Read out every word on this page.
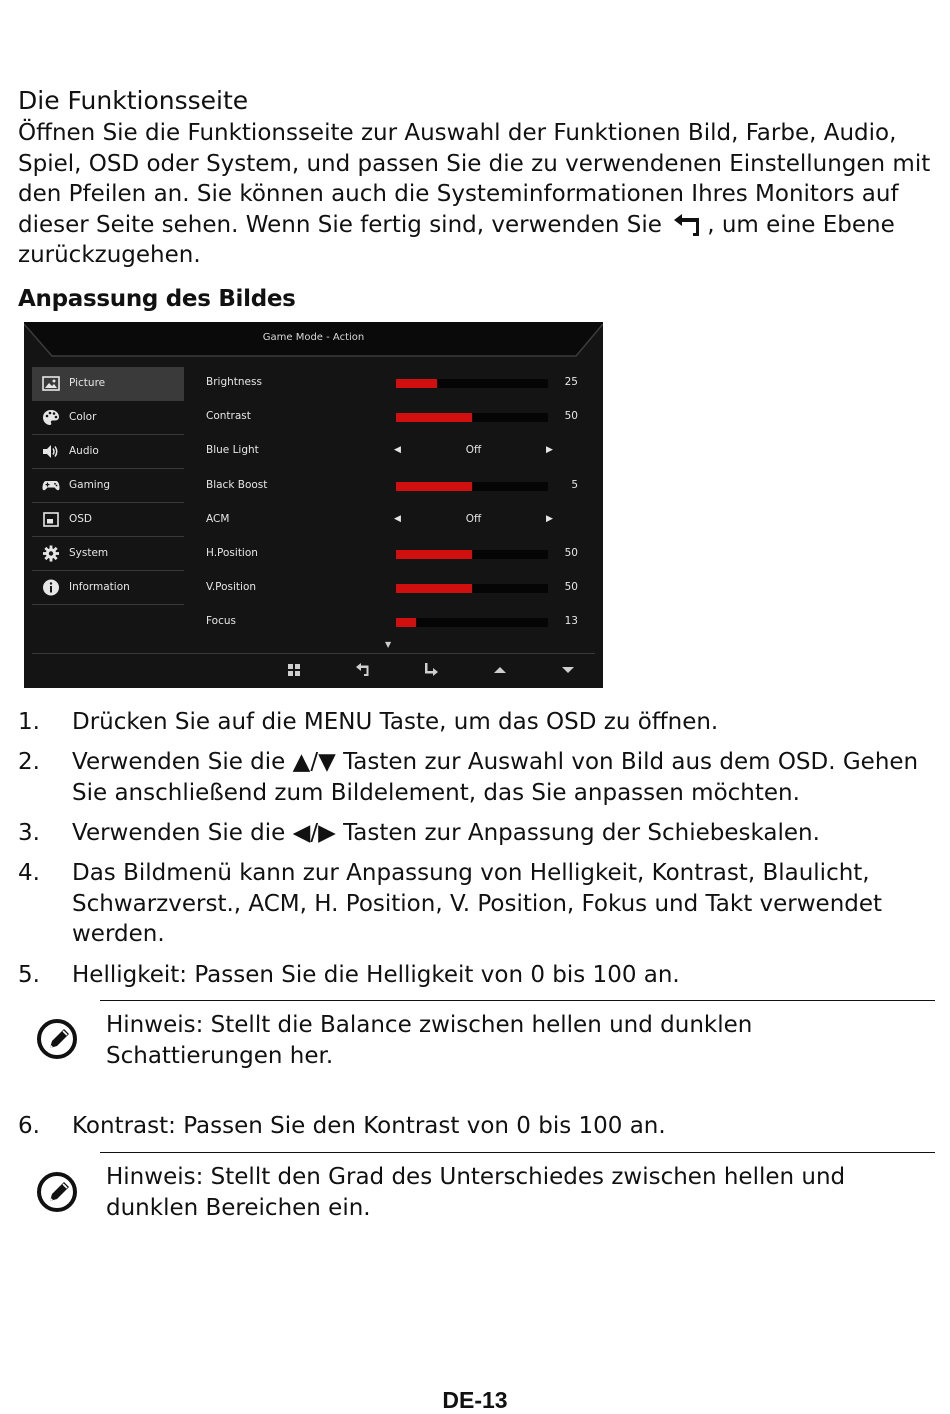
Die Funktionsseite

Öffnen Sie die Funktionsseite zur Auswahl der Funktionen Bild, Farbe, Audio, Spiel, OSD oder System, und passen Sie die zu verwendenen Einstellungen mit den Pfeilen an. Sie können auch die Systeminformationen Ihres Monitors auf dieser Seite sehen. Wenn Sie fertig sind, verwenden Sie , um eine Ebene zurückzugehen.

Anpassung des Bildes
Game Mode - Action
Picture
Color
Audio
Gaming
OSD
System
Information
Brightness	25
Contrast	50
Blue Light	◀	Off	▶
Black Boost	5
ACM	◀	Off	▶
H.Position	50
V.Position	50
Focus	13
▼
1. Drücken Sie auf die MENU Taste, um das OSD zu öffnen.
2. Verwenden Sie die ▲/▼ Tasten zur Auswahl von Bild aus dem OSD. Gehen Sie anschließend zum Bildelement, das Sie anpassen möchten.
3. Verwenden Sie die ◀/▶ Tasten zur Anpassung der Schiebeskalen.
4. Das Bildmenü kann zur Anpassung von Helligkeit, Kontrast, Blaulicht, Schwarzverst., ACM, H. Position, V. Position, Fokus und Takt verwendet werden.
5. Helligkeit: Passen Sie die Helligkeit von 0 bis 100 an.
Hinweis: Stellt die Balance zwischen hellen und dunklen Schattierungen her.
6. Kontrast: Passen Sie den Kontrast von 0 bis 100 an.
Hinweis: Stellt den Grad des Unterschiedes zwischen hellen und dunklen Bereichen ein.
DE-13
